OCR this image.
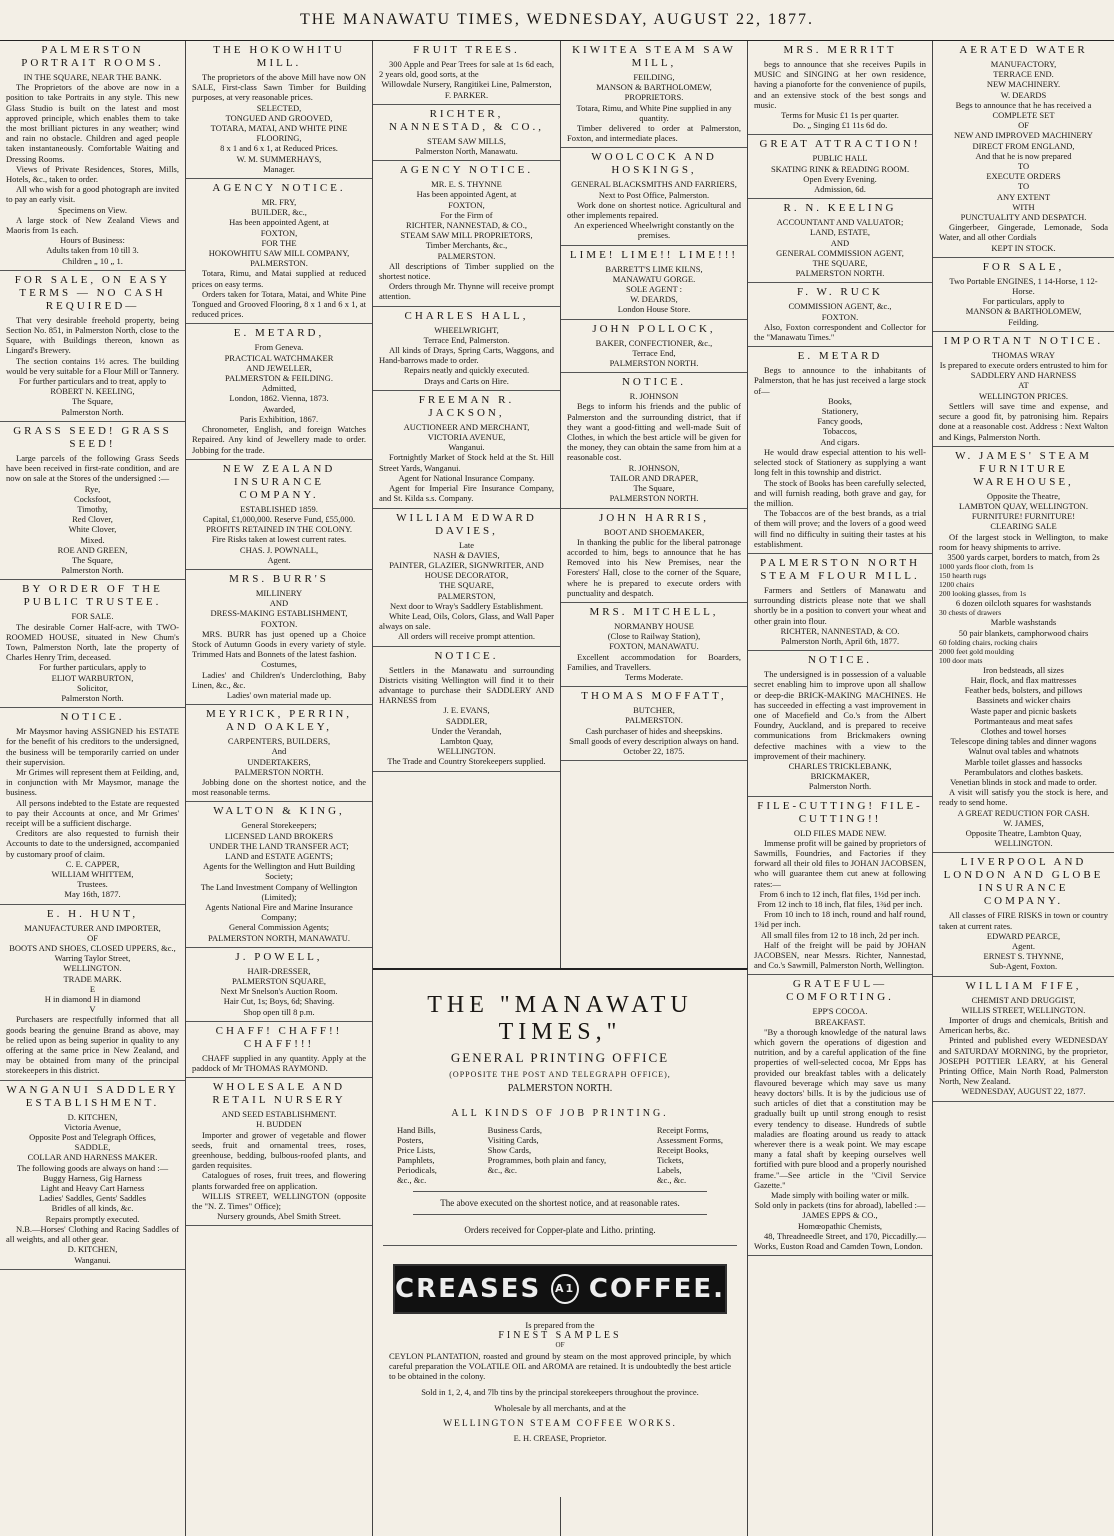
THE MANAWATU TIMES, WEDNESDAY, AUGUST 22, 1877.
PALMERSTON PORTRAIT ROOMS.

IN THE SQUARE, NEAR THE BANK.

The Proprietors of the above are now in a position to take Portraits in any style. This new Glass Studio is built on the latest and most approved principle, which enables them to take the most brilliant pictures in any weather; wind and rain no obstacle. Children and aged people taken instantaneously. Comfortable Waiting and Dressing Rooms.

Views of Private Residences, Stores, Mills, Hotels, &c., taken to order.

All who wish for a good photograph are invited to pay an early visit.

Specimens on View.

A large stock of New Zealand Views and Maoris from 1s each.

Hours of Business:

Adults taken from 10 till 3.

Children „ 10 „ 1.

FOR SALE, ON EASY TERMS — NO CASH REQUIRED—

That very desirable freehold property, being Section No. 851, in Palmerston North, close to the Square, with Buildings thereon, known as Lingard's Brewery.

The section contains 1½ acres. The building would be very suitable for a Flour Mill or Tannery.

For further particulars and to treat, apply to

ROBERT N. KEELING,

The Square,

Palmerston North.

GRASS SEED! GRASS SEED!

Large parcels of the following Grass Seeds have been received in first-rate condition, and are now on sale at the Stores of the undersigned :—

Rye,

Cocksfoot,

Timothy,

Red Clover,

White Clover,

Mixed.

ROE AND GREEN,

The Square,

Palmerston North.

BY ORDER OF THE PUBLIC TRUSTEE.

FOR SALE.

The desirable Corner Half-acre, with TWO-ROOMED HOUSE, situated in New Chum's Town, Palmerston North, late the property of Charles Henry Trim, deceased.

For further particulars, apply to

ELIOT WARBURTON,

Solicitor,

Palmerston North.

NOTICE.

Mr Maysmor having ASSIGNED his ESTATE for the benefit of his creditors to the undersigned, the business will be temporarily carried on under their supervision.

Mr Grimes will represent them at Feilding, and, in conjunction with Mr Maysmor, manage the business.

All persons indebted to the Estate are requested to pay their Accounts at once, and Mr Grimes' receipt will be a sufficient discharge.

Creditors are also requested to furnish their Accounts to date to the undersigned, accompanied by customary proof of claim.

C. E. CAPPER,

WILLIAM WHITTEM,

Trustees.

May 16th, 1877.

E. H. HUNT,

MANUFACTURER AND IMPORTER,

OF

BOOTS AND SHOES, CLOSED UPPERS, &c.,

Warring Taylor Street,

WELLINGTON.

TRADE MARK.

E

H in diamond H in diamond

V

Purchasers are respectfully informed that all goods bearing the genuine Brand as above, may be relied upon as being superior in quality to any offering at the same price in New Zealand, and may be obtained from many of the principal storekeepers in this district.

WANGANUI SADDLERY ESTABLISHMENT.

D. KITCHEN,

Victoria Avenue,

Opposite Post and Telegraph Offices,

SADDLE,

COLLAR AND HARNESS MAKER.

The following goods are always on hand :—

Buggy Harness, Gig Harness

Light and Heavy Cart Harness

Ladies' Saddles, Gents' Saddles

Bridles of all kinds, &c.

Repairs promptly executed.

N.B.—Horses' Clothing and Racing Saddles of all weights, and all other gear.

D. KITCHEN,

Wanganui.

THE HOKOWHITU MILL.

The proprietors of the above Mill have now ON SALE, First-class Sawn Timber for Building purposes, at very reasonable prices.

SELECTED,

TONGUED AND GROOVED,

TOTARA, MATAI, AND WHITE PINE FLOORING,

8 x 1 and 6 x 1, at Reduced Prices.

W. M. SUMMERHAYS,

Manager.

AGENCY NOTICE.

MR. FRY,

BUILDER, &c.,

Has been appointed Agent, at

FOXTON,

FOR THE

HOKOWHITU SAW MILL COMPANY,

PALMERSTON.

Totara, Rimu, and Matai supplied at reduced prices on easy terms.

Orders taken for Totara, Matai, and White Pine Tongued and Grooved Flooring, 8 x 1 and 6 x 1, at reduced prices.

E. METARD,

From Geneva.

PRACTICAL WATCHMAKER

AND JEWELLER,

PALMERSTON & FEILDING.

Admitted,

London, 1862. Vienna, 1873.

Awarded,

Paris Exhibition, 1867.

Chronometer, English, and foreign Watches Repaired. Any kind of Jewellery made to order. Jobbing for the trade.

NEW ZEALAND INSURANCE COMPANY.

ESTABLISHED 1859.

Capital, £1,000,000. Reserve Fund, £55,000.

PROFITS RETAINED IN THE COLONY.

Fire Risks taken at lowest current rates.

CHAS. J. POWNALL,

Agent.

MRS. BURR'S

MILLINERY

AND

DRESS-MAKING ESTABLISHMENT,

FOXTON.

MRS. BURR has just opened up a Choice Stock of Autumn Goods in every variety of style. Trimmed Hats and Bonnets of the latest fashion.

Costumes,

Ladies' and Children's Underclothing, Baby Linen, &c., &c.

Ladies' own material made up.

MEYRICK, PERRIN, AND OAKLEY,

CARPENTERS, BUILDERS,

And

UNDERTAKERS,

PALMERSTON NORTH.

Jobbing done on the shortest notice, and the most reasonable terms.

WALTON & KING,

General Storekeepers;

LICENSED LAND BROKERS

UNDER THE LAND TRANSFER ACT;

LAND and ESTATE AGENTS;

Agents for the Wellington and Hutt Building Society;

The Land Investment Company of Wellington (Limited);

Agents National Fire and Marine Insurance Company;

General Commission Agents;

PALMERSTON NORTH, MANAWATU.

J. POWELL,

HAIR-DRESSER,

PALMERSTON SQUARE,

Next Mr Snelson's Auction Room.

Hair Cut, 1s; Boys, 6d; Shaving.

Shop open till 8 p.m.

CHAFF! CHAFF!! CHAFF!!!

CHAFF supplied in any quantity. Apply at the paddock of Mr THOMAS RAYMOND.

WHOLESALE AND RETAIL NURSERY

AND SEED ESTABLISHMENT.

H. BUDDEN

Importer and grower of vegetable and flower seeds, fruit and ornamental trees, roses, greenhouse, bedding, bulbous-roofed plants, and garden requisites.

Catalogues of roses, fruit trees, and flowering plants forwarded free on application.

WILLIS STREET, WELLINGTON (opposite the "N. Z. Times" Office);

Nursery grounds, Abel Smith Street.

FRUIT TREES.

300 Apple and Pear Trees for sale at 1s 6d each, 2 years old, good sorts, at the

Willowdale Nursery, Rangitikei Line, Palmerston,

F. PARKER.

RICHTER, NANNESTAD, & CO.,

STEAM SAW MILLS,

Palmerston North, Manawatu.

AGENCY NOTICE.

MR. E. S. THYNNE

Has been appointed Agent, at

FOXTON,

For the Firm of

RICHTER, NANNESTAD, & CO.,

STEAM SAW MILL PROPRIETORS,

Timber Merchants, &c.,

PALMERSTON.

All descriptions of Timber supplied on the shortest notice.

Orders through Mr. Thynne will receive prompt attention.

CHARLES HALL,

WHEELWRIGHT,

Terrace End, Palmerston.

All kinds of Drays, Spring Carts, Waggons, and Hand-barrows made to order.

Repairs neatly and quickly executed.

Drays and Carts on Hire.

FREEMAN R. JACKSON,

AUCTIONEER AND MERCHANT,

VICTORIA AVENUE,

Wanganui.

Fortnightly Market of Stock held at the St. Hill Street Yards, Wanganui.

Agent for National Insurance Company.

Agent for Imperial Fire Insurance Company, and St. Kilda s.s. Company.

WILLIAM EDWARD DAVIES,

Late

NASH & DAVIES,

PAINTER, GLAZIER, SIGNWRITER, AND HOUSE DECORATOR,

THE SQUARE,

PALMERSTON,

Next door to Wray's Saddlery Establishment.

White Lead, Oils, Colors, Glass, and Wall Paper always on sale.

All orders will receive prompt attention.

NOTICE.

Settlers in the Manawatu and surrounding Districts visiting Wellington will find it to their advantage to purchase their SADDLERY AND HARNESS from

J. E. EVANS,

SADDLER,

Under the Verandah,

Lambton Quay,

WELLINGTON.

The Trade and Country Storekeepers supplied.

KIWITEA STEAM SAW MILL,

FEILDING,

MANSON & BARTHOLOMEW,

PROPRIETORS.

Totara, Rimu, and White Pine supplied in any quantity.

Timber delivered to order at Palmerston, Foxton, and intermediate places.

WOOLCOCK AND HOSKINGS,

GENERAL BLACKSMITHS AND FARRIERS,

Next to Post Office, Palmerston.

Work done on shortest notice. Agricultural and other implements repaired.

An experienced Wheelwright constantly on the premises.

LIME! LIME!! LIME!!!

BARRETT'S LIME KILNS,

MANAWATU GORGE.

SOLE AGENT :

W. DEARDS,

London House Store.

JOHN POLLOCK,

BAKER, CONFECTIONER, &c.,

Terrace End,

PALMERSTON NORTH.

NOTICE.

R. JOHNSON

Begs to inform his friends and the public of Palmerston and the surrounding district, that if they want a good-fitting and well-made Suit of Clothes, in which the best article will be given for the money, they can obtain the same from him at a reasonable cost.

R. JOHNSON,

TAILOR AND DRAPER,

The Square,

PALMERSTON NORTH.

JOHN HARRIS,

BOOT AND SHOEMAKER,

In thanking the public for the liberal patronage accorded to him, begs to announce that he has Removed into his New Premises, near the Foresters' Hall, close to the corner of the Square, where he is prepared to execute orders with punctuality and despatch.

MRS. MITCHELL,

NORMANBY HOUSE

(Close to Railway Station),

FOXTON, MANAWATU.

Excellent accommodation for Boarders, Families, and Travellers.

Terms Moderate.

THOMAS MOFFATT,

BUTCHER,

PALMERSTON.

Cash purchaser of hides and sheepskins.

Small goods of every description always on hand.

October 22, 1875.

MRS. MERRITT

begs to announce that she receives Pupils in MUSIC and SINGING at her own residence, having a pianoforte for the convenience of pupils, and an extensive stock of the best songs and music.

Terms for Music £1 1s per quarter.

Do. „ Singing £1 11s 6d do.

GREAT ATTRACTION!

PUBLIC HALL

SKATING RINK & READING ROOM.

Open Every Evening.

Admission, 6d.

R. N. KEELING

ACCOUNTANT AND VALUATOR;

LAND, ESTATE,

AND

GENERAL COMMISSION AGENT,

THE SQUARE,

PALMERSTON NORTH.

F. W. RUCK

COMMISSION AGENT, &c.,

FOXTON.

Also, Foxton correspondent and Collector for the "Manawatu Times."

E. METARD

Begs to announce to the inhabitants of Palmerston, that he has just received a large stock of—

Books,

Stationery,

Fancy goods,

Tobaccos,

And cigars.

He would draw especial attention to his well-selected stock of Stationery as supplying a want long felt in this township and district.

The stock of Books has been carefully selected, and will furnish reading, both grave and gay, for the million.

The Tobaccos are of the best brands, as a trial of them will prove; and the lovers of a good weed will find no difficulty in suiting their tastes at his establishment.

PALMERSTON NORTH STEAM FLOUR MILL.

Farmers and Settlers of Manawatu and surrounding districts please note that we shall shortly be in a position to convert your wheat and other grain into flour.

RICHTER, NANNESTAD, & CO.

Palmerston North, April 6th, 1877.

NOTICE.

The undersigned is in possession of a valuable secret enabling him to improve upon all shallow or deep-die BRICK-MAKING MACHINES. He has succeeded in effecting a vast improvement in one of Macefield and Co.'s from the Albert Foundry, Auckland, and is prepared to receive communications from Brickmakers owning defective machines with a view to the improvement of their machinery.

CHARLES TRICKLEBANK,

BRICKMAKER,

Palmerston North.

FILE-CUTTING! FILE-CUTTING!!

OLD FILES MADE NEW.

Immense profit will be gained by proprietors of Sawmills, Foundries, and Factories if they forward all their old files to JOHAN JACOBSEN, who will guarantee them cut anew at following rates:—

From 6 inch to 12 inch, flat files, 1½d per inch.

From 12 inch to 18 inch, flat files, 1¾d per inch.

From 10 inch to 18 inch, round and half round, 1¾d per inch.

All small files from 12 to 18 inch, 2d per inch.

Half of the freight will be paid by JOHAN JACOBSEN, near Messrs. Richter, Nannestad, and Co.'s Sawmill, Palmerston North, Wellington.

GRATEFUL—COMFORTING.

EPP'S COCOA.

BREAKFAST.

"By a thorough knowledge of the natural laws which govern the operations of digestion and nutrition, and by a careful application of the fine properties of well-selected cocoa, Mr Epps has provided our breakfast tables with a delicately flavoured beverage which may save us many heavy doctors' bills. It is by the judicious use of such articles of diet that a constitution may be gradually built up until strong enough to resist every tendency to disease. Hundreds of subtle maladies are floating around us ready to attack wherever there is a weak point. We may escape many a fatal shaft by keeping ourselves well fortified with pure blood and a properly nourished frame."—See article in the "Civil Service Gazette."

Made simply with boiling water or milk.

Sold only in packets (tins for abroad), labelled :—

JAMES EPPS & CO.,

Homœopathic Chemists,

48, Threadneedle Street, and 170, Piccadilly.—Works, Euston Road and Camden Town, London.

AERATED WATER

MANUFACTORY,

TERRACE END.

NEW MACHINERY.

W. DEARDS

Begs to announce that he has received a

COMPLETE SET

OF

NEW AND IMPROVED MACHINERY

DIRECT FROM ENGLAND,

And that he is now prepared

TO

EXECUTE ORDERS

TO

ANY EXTENT

WITH

PUNCTUALITY AND DESPATCH.

Gingerbeer, Gingerade, Lemonade, Soda Water, and all other Cordials

KEPT IN STOCK.

FOR SALE,

Two Portable ENGINES, 1 14-Horse, 1 12-Horse.

For particulars, apply to

MANSON & BARTHOLOMEW,

Feilding.

IMPORTANT NOTICE.

THOMAS WRAY

Is prepared to execute orders entrusted to him for

SADDLERY AND HARNESS

AT

WELLINGTON PRICES.

Settlers will save time and expense, and secure a good fit, by patronising him. Repairs done at a reasonable cost. Address : Next Walton and Kings, Palmerston North.

W. JAMES' STEAM FURNITURE WAREHOUSE,

Opposite the Theatre,

LAMBTON QUAY, WELLINGTON.

FURNITURE! FURNITURE!

CLEARING SALE

Of the largest stock in Wellington, to make room for heavy shipments to arrive.

3500 yards carpet, borders to match, from 2s

1000 yards floor cloth, from 1s

150 hearth rugs

1200 chairs

200 looking glasses, from 1s

6 dozen oilcloth squares for washstands

30 chests of drawers

Marble washstands

50 pair blankets, camphorwood chairs

60 folding chairs, rocking chairs

2000 feet gold moulding

100 door mats

Iron bedsteads, all sizes

Hair, flock, and flax mattresses

Feather beds, bolsters, and pillows

Bassinets and wicker chairs

Waste paper and picnic baskets

Portmanteaus and meat safes

Clothes and towel horses

Telescope dining tables and dinner wagons

Walnut oval tables and whatnots

Marble toilet glasses and hassocks

Perambulators and clothes baskets.

Venetian blinds in stock and made to order.

A visit will satisfy you the stock is here, and ready to send home.

A GREAT REDUCTION FOR CASH.

W. JAMES,

Opposite Theatre, Lambton Quay, WELLINGTON.

LIVERPOOL AND LONDON AND GLOBE INSURANCE COMPANY.

All classes of FIRE RISKS in town or country taken at current rates.

EDWARD PEARCE,

Agent.

ERNEST S. THYNNE,

Sub-Agent, Foxton.

WILLIAM FIFE,

CHEMIST AND DRUGGIST,

WILLIS STREET, WELLINGTON.

Importer of drugs and chemicals, British and American herbs, &c.

Printed and published every WEDNESDAY and SATURDAY MORNING, by the proprietor, JOSEPH POTTIER LEARY, at his General Printing Office, Main North Road, Palmerston North, New Zealand.

WEDNESDAY, AUGUST 22, 1877.

THE "MANAWATU TIMES,"
GENERAL PRINTING OFFICE
(OPPOSITE THE POST AND TELEGRAPH OFFICE),
PALMERSTON NORTH.
ALL KINDS OF JOB PRINTING.
Hand Bills,
Posters,
Price Lists,
Pamphlets,
Periodicals,
&c., &c.
Business Cards,
Visiting Cards,
Show Cards,
Programmes, both plain and fancy,
&c., &c.
Receipt Forms,
Assessment Forms,
Receipt Books,
Tickets,
Labels,
&c., &c.
The above executed on the shortest notice, and at reasonable rates.
Orders received for Copper-plate and Litho. printing.
CREASES	A1 COFFEE.
Is prepared from the
FINEST SAMPLES
OF
CEYLON PLANTATION, roasted and ground by steam on the most approved principle, by which careful preparation the VOLATILE OIL and AROMA are retained. It is undoubtedly the best article to be obtained in the colony.
Sold in 1, 2, 4, and 7lb tins by the principal storekeepers throughout the province.
Wholesale by all merchants, and at the
WELLINGTON STEAM COFFEE WORKS.
E. H. CREASE, Proprietor.
